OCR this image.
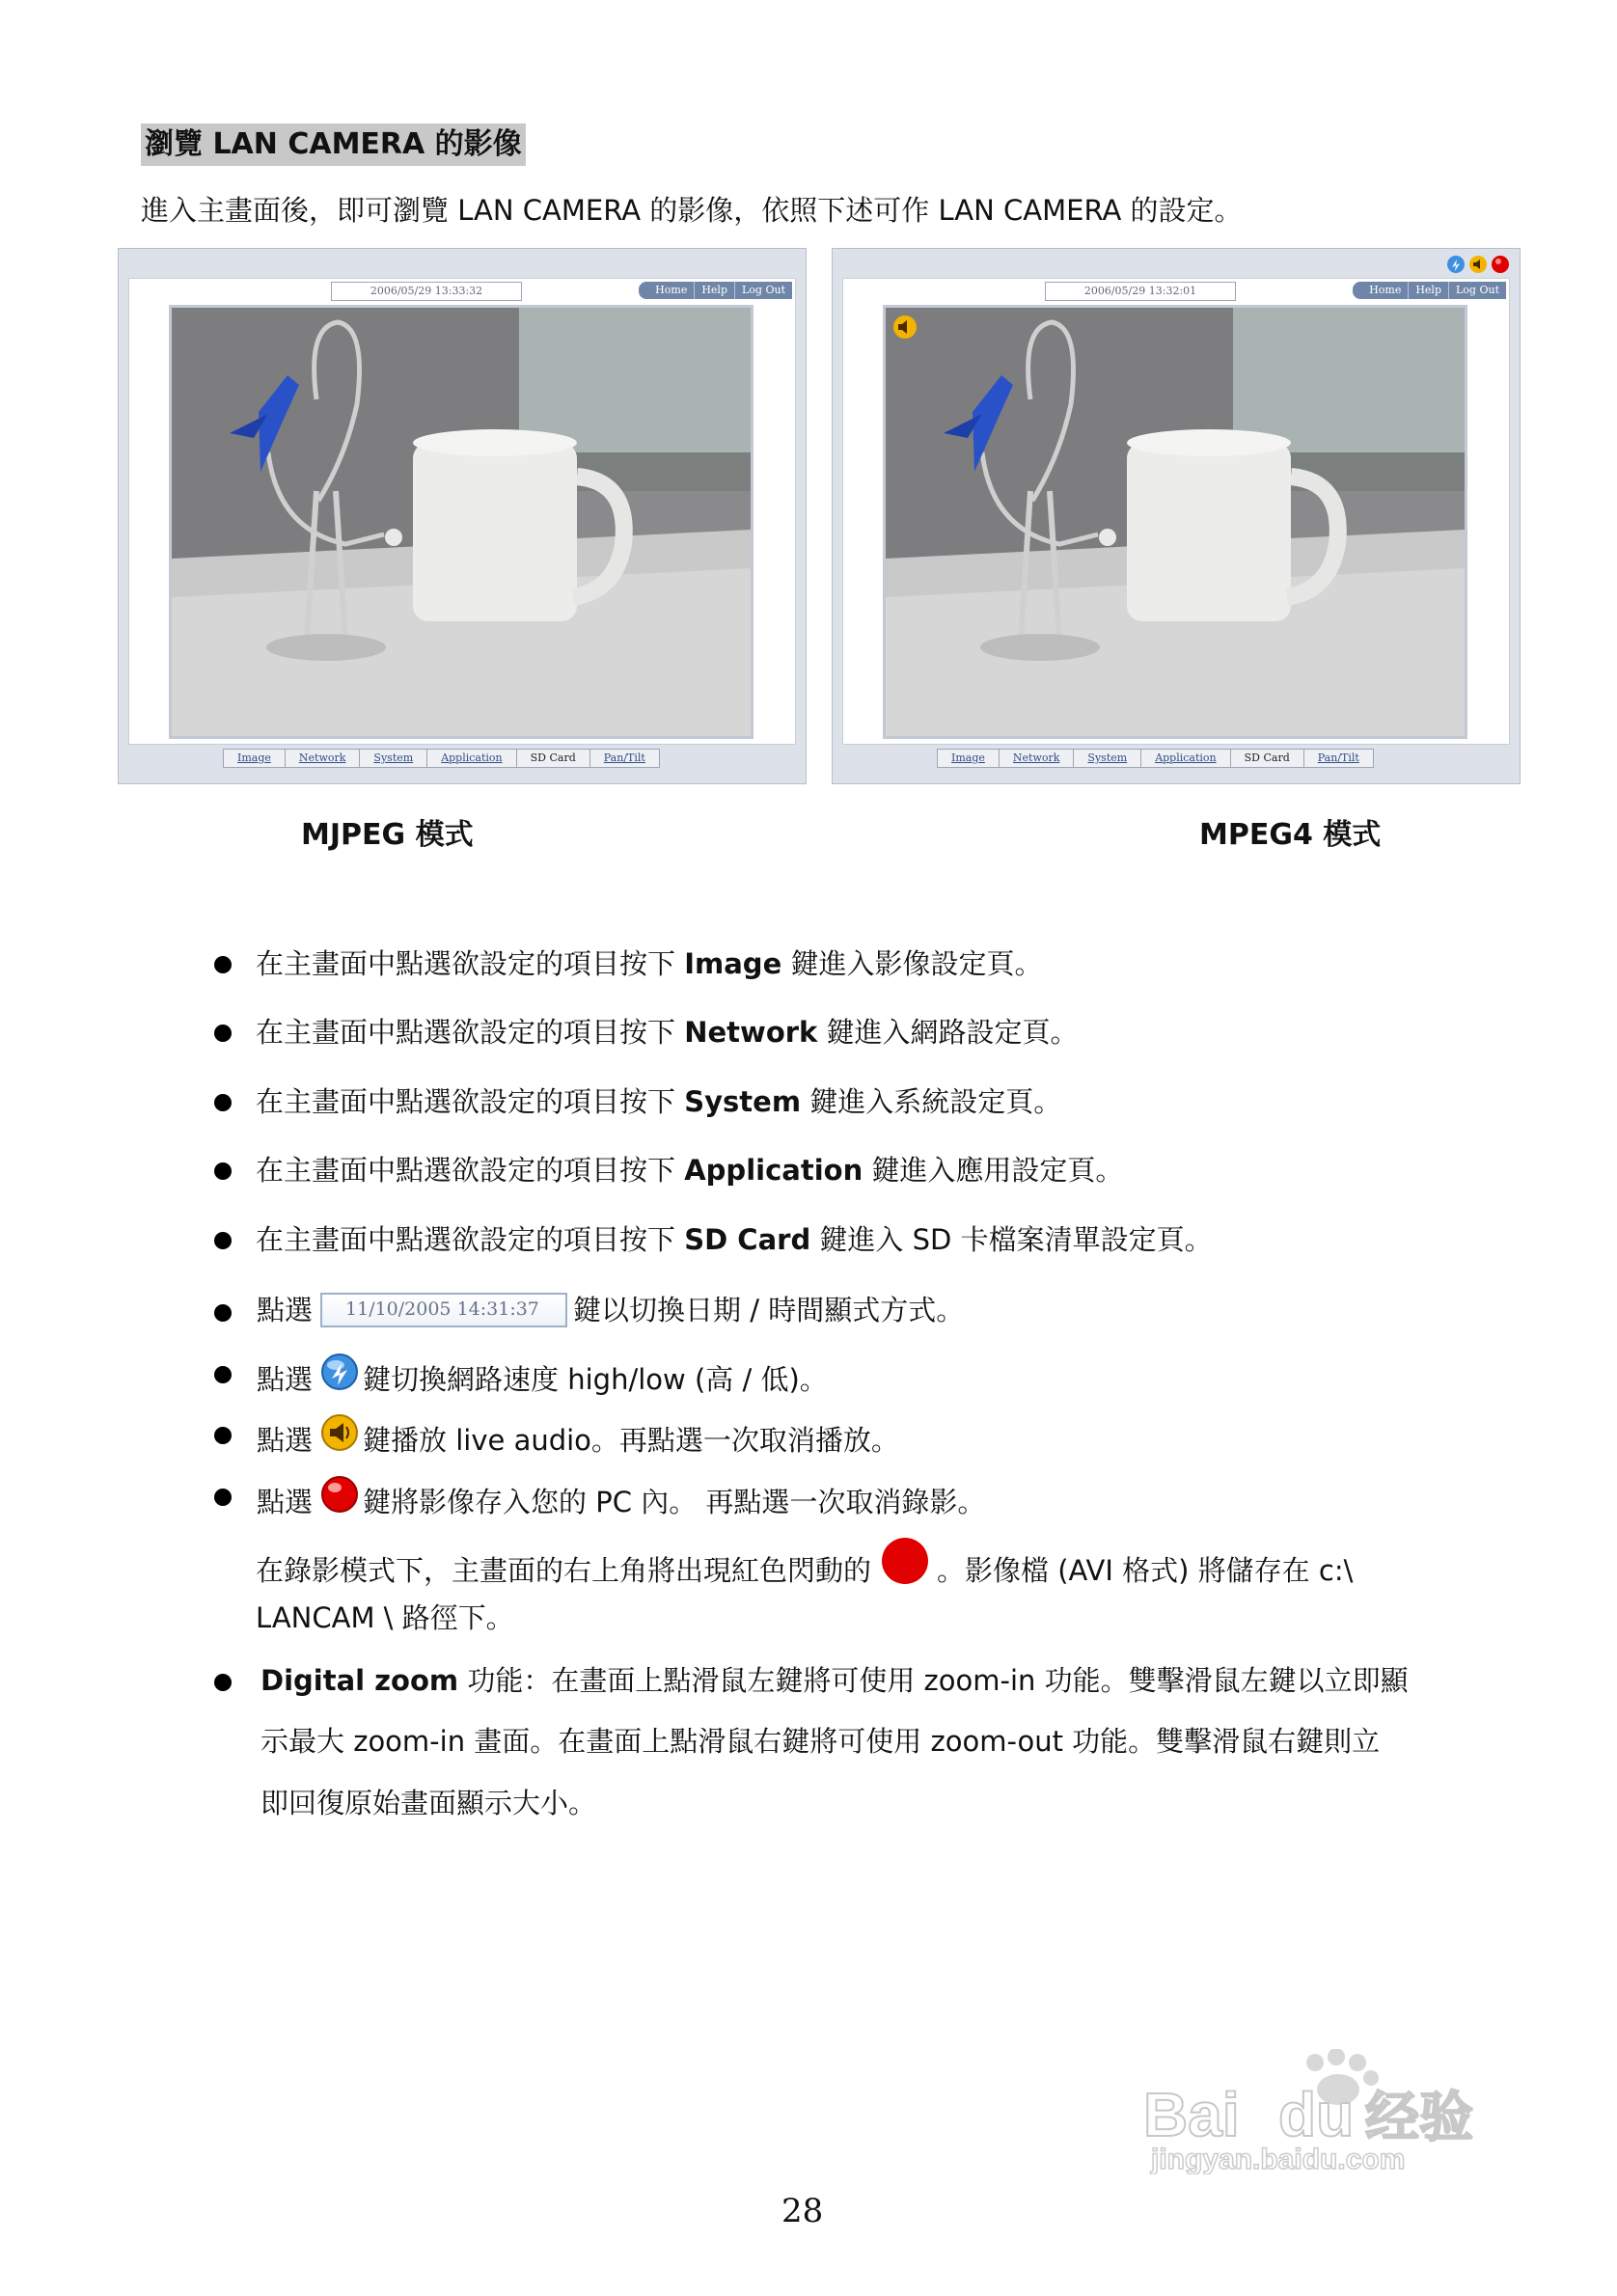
瀏覽 LAN CAMERA 的影像
進入主畫面後，即可瀏覽 LAN CAMERA 的影像，依照下述可作 LAN CAMERA 的設定。
2006/05/29 13:33:32	Home	Help	Log Out
Image	Network	System	Application	SD Card	Pan/Tilt
2006/05/29 13:32:01	Home	Help	Log Out
Image	Network	System	Application	SD Card	Pan/Tilt
MJPEG 模式	MPEG4 模式
在主畫面中點選欲設定的項目按下 Image 鍵進入影像設定頁。
在主畫面中點選欲設定的項目按下 Network 鍵進入網路設定頁。
在主畫面中點選欲設定的項目按下 System 鍵進入系統設定頁。
在主畫面中點選欲設定的項目按下 Application 鍵進入應用設定頁。
在主畫面中點選欲設定的項目按下 SD Card 鍵進入 SD 卡檔案清單設定頁。
點選 11/10/2005 14:31:37 鍵以切換日期 / 時間顯式方式。
點選 鍵切換網路速度 high/low (高 / 低)。
點選 鍵播放 live audio。再點選一次取消播放。
點選 鍵將影像存入您的 PC 內。 再點選一次取消錄影。
在錄影模式下，主畫面的右上角將出現紅色閃動的 。影像檔 (AVI 格式) 將儲存在 c:\
LANCAM \ 路徑下。
Digital zoom 功能：在畫面上點滑鼠左鍵將可使用 zoom-in 功能。雙擊滑鼠左鍵以立即顯
示最大 zoom-in 畫面。在畫面上點滑鼠右鍵將可使用 zoom-out 功能。雙擊滑鼠右鍵則立
即回復原始畫面顯示大小。
Bai du 经验
jingyan.baidu.com
28
